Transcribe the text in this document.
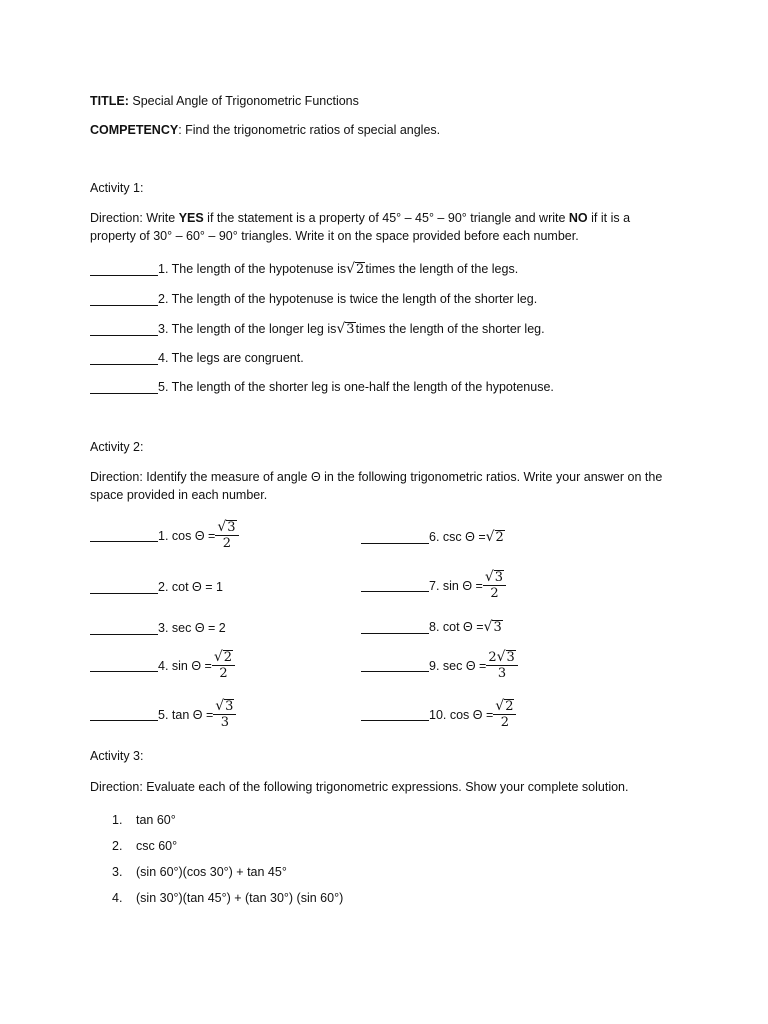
TITLE: Special Angle of Trigonometric Functions
COMPETENCY: Find the trigonometric ratios of special angles.
Activity 1:
Direction: Write YES if the statement is a property of 45° – 45° – 90° triangle and write NO if it is a property of 30° – 60° – 90° triangles. Write it on the space provided before each number.
1. The length of the hypotenuse is √ 2 times the length of the legs.
2. The length of the hypotenuse is twice the length of the shorter leg.
3. The length of the longer leg is √ 3 times the length of the shorter leg.
4. The legs are congruent.
5. The length of the shorter leg is one-half the length of the hypotenuse.
Activity 2:
Direction: Identify the measure of angle Θ in the following trigonometric ratios. Write your answer on the space provided in each number.
1. $\cos \Theta = \frac{√ 3}{2}$
2. cot Θ = 1
3. sec Θ = 2
4. $\sin \Theta = \frac{√ 2}{2}$
5. $\tan \Theta = \frac{√ 3}{3}$
6. csc Θ = √ 2
7. $\sin \Theta = \frac{√ 3}{2}$
8. cot Θ = √ 3
9. $\sec \Theta = \frac{2 √ 3}{3}$
10. $\cos \Theta = \frac{√ 2}{2}$
Activity 3:
Direction: Evaluate each of the following trigonometric expressions. Show your complete solution.
1. tan 60°
2. csc 60°
3. (sin 60°)(cos 30°) + tan 45°
4. (sin 30°)(tan 45°) + (tan 30°) (sin 60°)
